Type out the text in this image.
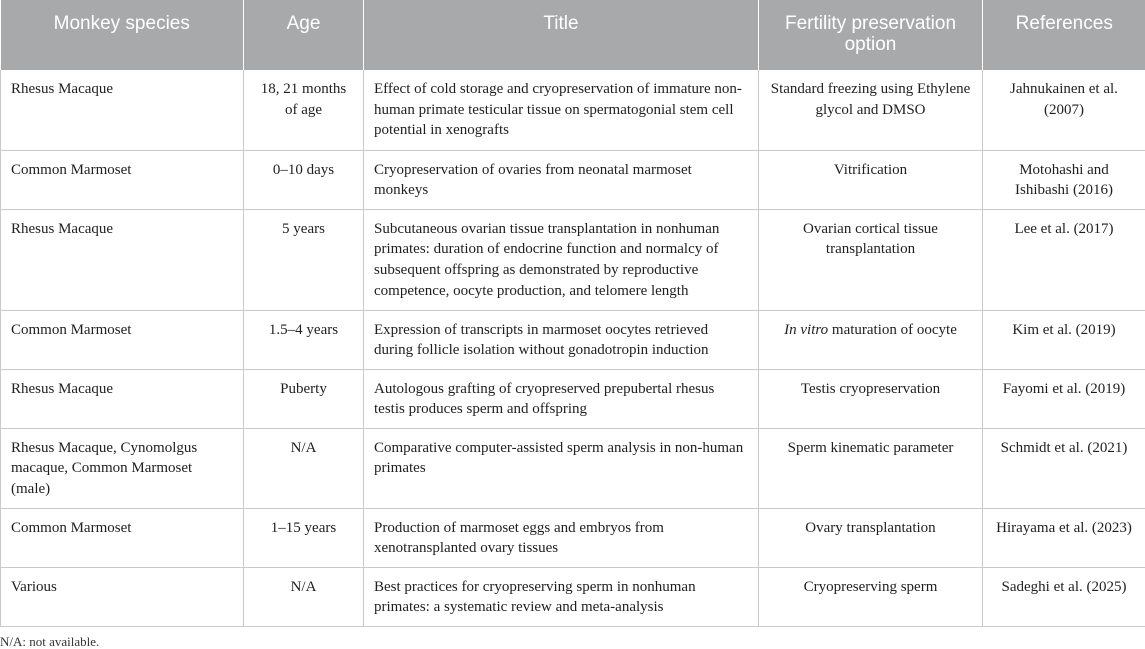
Monkey species	Age	Title	Fertility preservation option	References
Rhesus Macaque	18, 21 months of age	Effect of cold storage and cryopreservation of immature non-human primate testicular tissue on spermatogonial stem cell potential in xenografts	Standard freezing using Ethylene glycol and DMSO	Jahnukainen et al. (2007)
Common Marmoset	0–10 days	Cryopreservation of ovaries from neonatal marmoset monkeys	Vitrification	Motohashi and Ishibashi (2016)
Rhesus Macaque	5 years	Subcutaneous ovarian tissue transplantation in nonhuman primates: duration of endocrine function and normalcy of subsequent offspring as demonstrated by reproductive competence, oocyte production, and telomere length	Ovarian cortical tissue transplantation	Lee et al. (2017)
Common Marmoset	1.5–4 years	Expression of transcripts in marmoset oocytes retrieved during follicle isolation without gonadotropin induction	In vitro maturation of oocyte	Kim et al. (2019)
Rhesus Macaque	Puberty	Autologous grafting of cryopreserved prepubertal rhesus testis produces sperm and offspring	Testis cryopreservation	Fayomi et al. (2019)
Rhesus Macaque, Cynomolgus macaque, Common Marmoset (male)	N/A	Comparative computer-assisted sperm analysis in non-human primates	Sperm kinematic parameter	Schmidt et al. (2021)
Common Marmoset	1–15 years	Production of marmoset eggs and embryos from xenotransplanted ovary tissues	Ovary transplantation	Hirayama et al. (2023)
Various	N/A	Best practices for cryopreserving sperm in nonhuman primates: a systematic review and meta-analysis	Cryopreserving sperm	Sadeghi et al. (2025)
N/A: not available.
